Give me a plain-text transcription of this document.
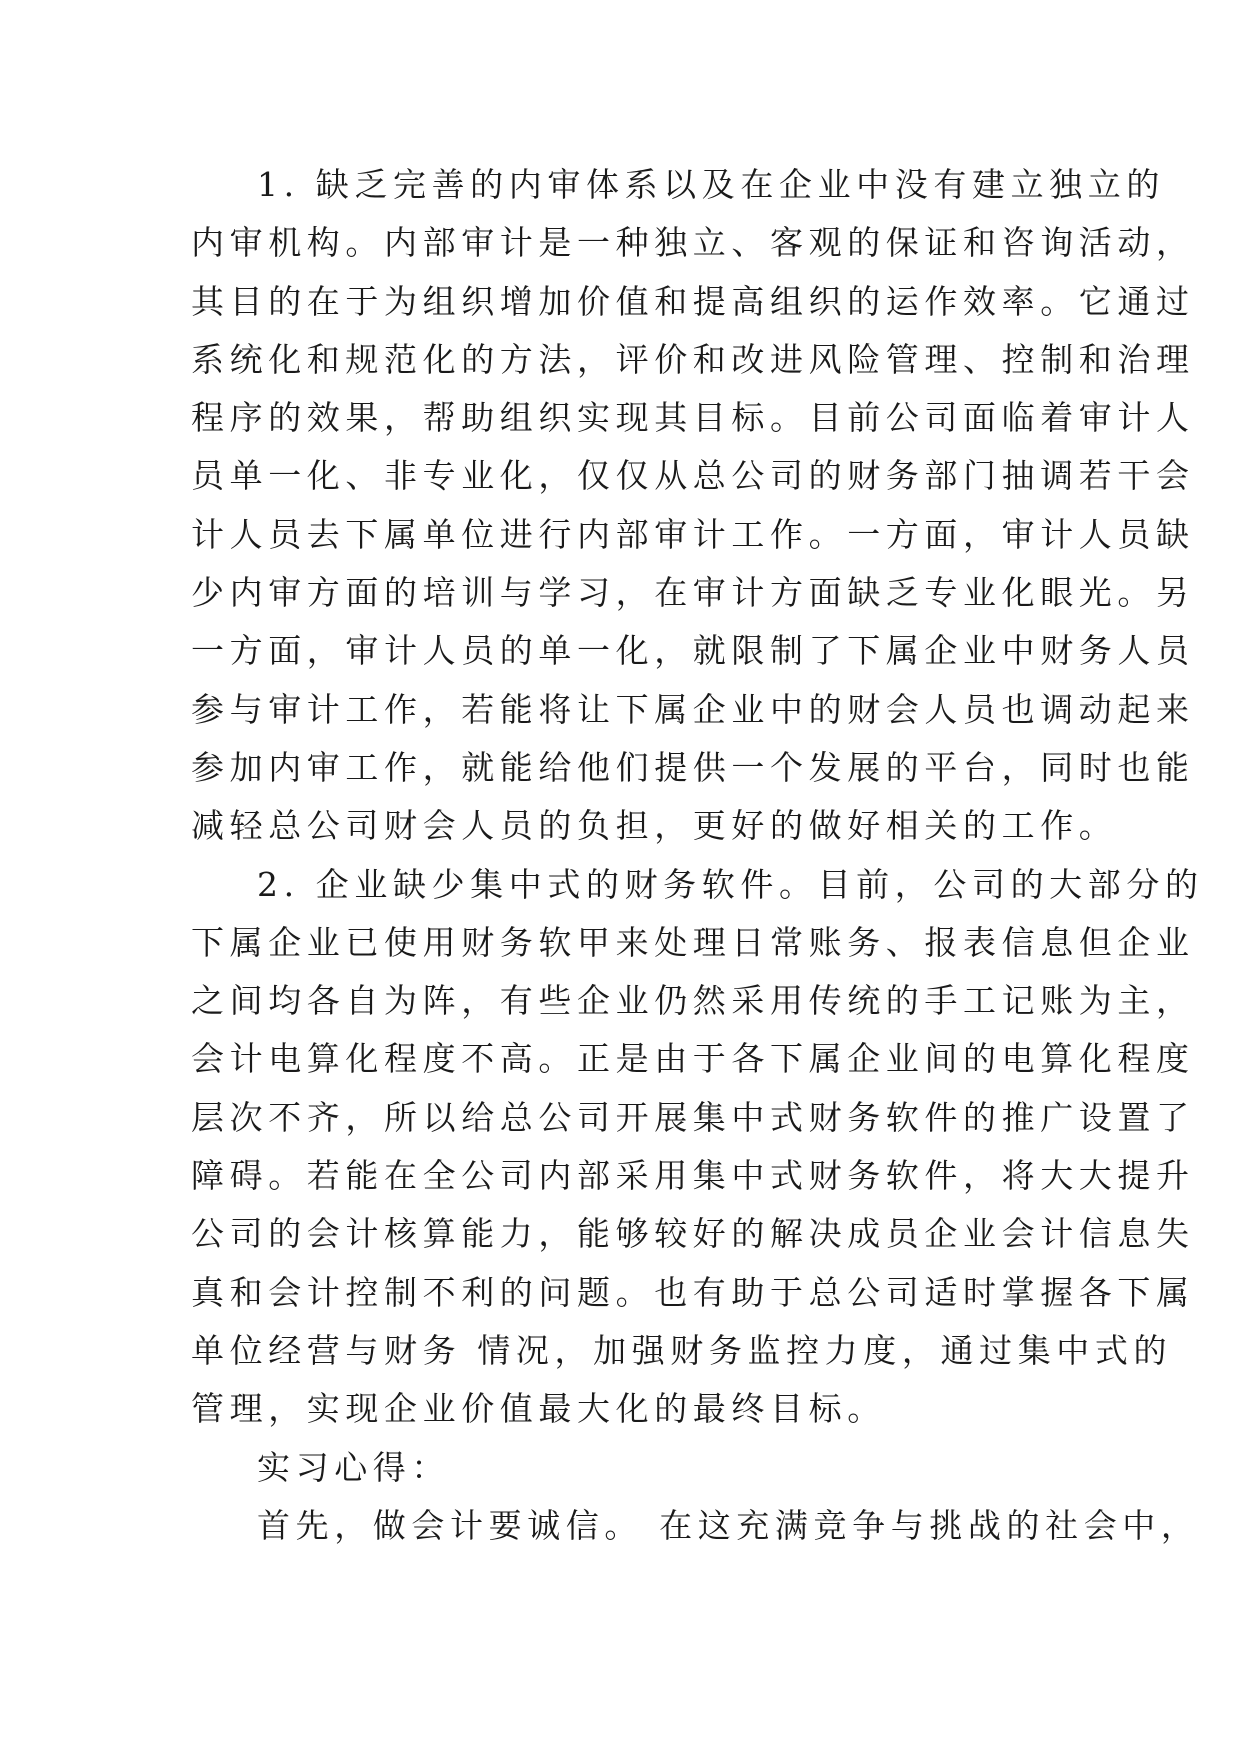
1. 缺乏完善的内审体系以及在企业中没有建立独立的
内审机构。内部审计是一种独立、客观的保证和咨询活动，
其目的在于为组织增加价值和提高组织的运作效率。它通过
系统化和规范化的方法，评价和改进风险管理、控制和治理
程序的效果，帮助组织实现其目标。目前公司面临着审计人
员单一化、非专业化，仅仅从总公司的财务部门抽调若干会
计人员去下属单位进行内部审计工作。一方面，审计人员缺
少内审方面的培训与学习，在审计方面缺乏专业化眼光。另
一方面，审计人员的单一化，就限制了下属企业中财务人员
参与审计工作，若能将让下属企业中的财会人员也调动起来
参加内审工作，就能给他们提供一个发展的平台，同时也能
减轻总公司财会人员的负担，更好的做好相关的工作。
2. 企业缺少集中式的财务软件。目前，公司的大部分的
下属企业已使用财务软甲来处理日常账务、报表信息但企业
之间均各自为阵，有些企业仍然采用传统的手工记账为主，
会计电算化程度不高。正是由于各下属企业间的电算化程度
层次不齐，所以给总公司开展集中式财务软件的推广设置了
障碍。若能在全公司内部采用集中式财务软件，将大大提升
公司的会计核算能力，能够较好的解决成员企业会计信息失
真和会计控制不利的问题。也有助于总公司适时掌握各下属
单位经营与财务 情况，加强财务监控力度，通过集中式的
管理，实现企业价值最大化的最终目标。
实习心得：
首先，做会计要诚信。 在这充满竞争与挑战的社会中，
